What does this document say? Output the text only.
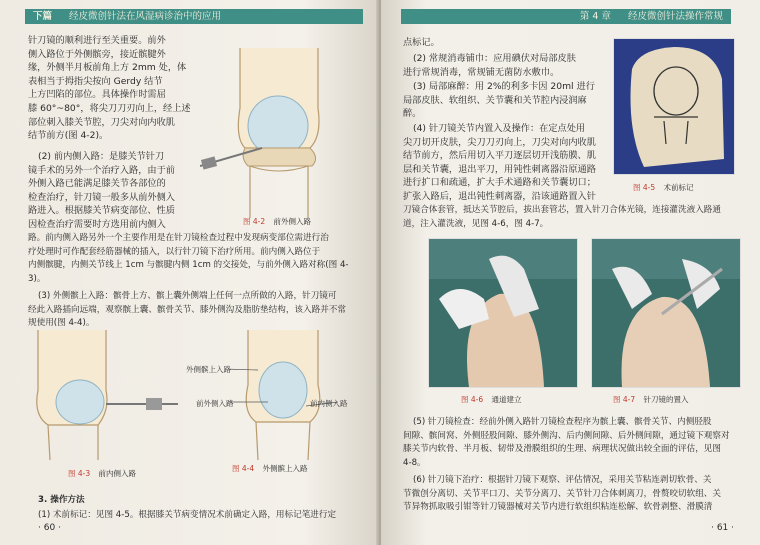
下篇 经皮微创针法在风湿病诊治中的应用

针刀镜的顺利进行至关重要。前外

侧入路位于外侧髌旁，接近髌腱外

缘，外侧半月板前角上方 2mm 处，体

表相当于拇指尖按向 Gerdy 结节

上方凹陷的部位。具体操作时需屈

膝 60°~80°，将尖刀刀刃向上，经上述

部位刺入膝关节腔，刀尖对向内收肌

结节前方(图 4-2)。

(2) 前内侧入路：是膝关节针刀

镜手术的另外一个治疗入路，由于前

外侧入路已能满足膝关节各部位的

检查治疗，针刀镜一般多从前外侧入

路进入。根据膝关节病变部位、性质

因检查治疗需要时方选用前内侧入

路。前内侧入路另外一个主要作用是在针刀镜检查过程中发现病变部位需进行治

疗处理时可作配套经筋器械的插入，以行针刀镜下治疗所用。前内侧入路位于

内侧髌腱，内侧关节线上 1cm 与髌腱内侧 1cm 的交接处，与前外侧入路对称(图 4-

3)。

(3) 外侧髌上入路：髌骨上方、髌上囊外侧端上任何一点所做的入路，针刀镜可

经此入路插向远端，观察髌上囊、髌骨关节、膝外侧沟及脂肪垫结构，该入路并不常

规使用(图 4-4)。

图 4-2 前外侧入路
图 4-3 前内侧入路
外侧髌上入路
前外侧入路	前内侧入路
图 4-4 外侧髌上入路
3. 操作方法
(1) 术前标记：见图 4-5。根据膝关节病变情况术前确定入路，用标记笔进行定
· 60 ·
第 4 章 经皮微创针法操作常规

点标记。

(2) 常规消毒铺巾：应用碘伏对局部皮肤

进行常规消毒，常规铺无菌防水敷巾。

(3) 局部麻醉：用 2%的利多卡因 20ml 进行

局部皮肤、软组织、关节囊和关节腔内浸润麻

醉。

(4) 针刀镜关节内置入及操作：在定点处用

尖刀切开皮肤，尖刀刀刃向上，刀尖对向内收肌

结节前方，然后用切入平刀逐层切开浅筋膜、肌

层和关节囊，退出平刀，用钝性刺离器沿原通路

进行扩口和疏通，扩大手术通路和关节囊切口；

扩张入路后，退出钝性刺离器，沿该通路置入针

刀镜合体套管，抵达关节腔后，拔出套管芯，置入针刀合体光镜，连接灌洗液入路通

道，注入灌洗液，见图 4-6，图 4-7。

图 4-5 术前标记
图 4-6 通道建立	图 4-7 针刀镜的置入

(5) 针刀镜检查：经前外侧入路针刀镜检查程序为髌上囊、髌骨关节、内侧胫股

间隙、髌间窝、外侧胫股间隙、膝外侧沟、后内侧间隙、后外侧间隙，通过镜下观察对

膝关节内软骨、半月板、韧带及滑膜组织的生理、病理状况做出较全面的评估，见图

4-8。

(6) 针刀镜下治疗：根据针刀镜下观察、评估情况，采用关节粘连剥切软骨、关

节微创分离切、关节平口刀、关节分离刀、关节针刀合体刺离刀，骨赘咬切软组、关

节异物抓取吸引钳等针刀镜器械对关节内进行软组织粘连松解、软骨剥整、滑膜清

· 61 ·
